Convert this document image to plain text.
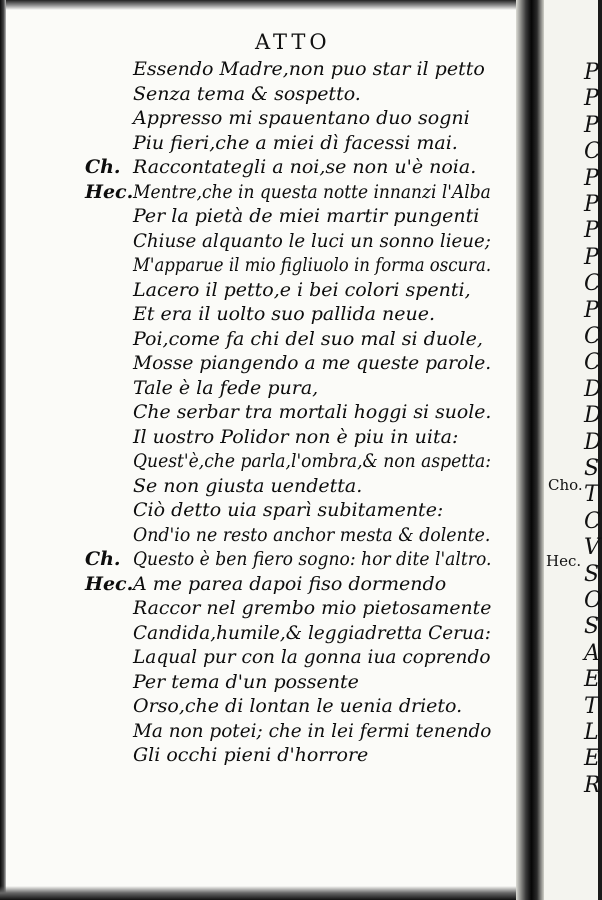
ATTO
Essendo Madre,non puo star il petto
Senza tema & sospetto.
Appresso mi spauentano duo sogni
Piu fieri,che a miei dì facessi mai.
Ch. Raccontategli a noi,se non u'è noia.
Hec. Mentre,che in questa notte innanzi l'Alba
Per la pietà de miei martir pungenti
Chiuse alquanto le luci un sonno lieue;
M'apparue il mio figliuolo in forma oscura.
Lacero il petto,e i bei colori spenti,
Et era il uolto suo pallida neue.
Poi,come fa chi del suo mal si duole,
Mosse piangendo a me queste parole.
Tale è la fede pura,
Che serbar tra mortali hoggi si suole.
Il uostro Polidor non è piu in uita:
Quest'è,che parla,l'ombra,& non aspetta:
Se non giusta uendetta.
Ciò detto uia sparì subitamente:
Ond'io ne resto anchor mesta & dolente.
Ch. Questo è ben fiero sogno: hor dite l'altro.
Hec. A me parea dapoi fiso dormendo
Raccor nel grembo mio pietosamente
Candida,humile,& leggiadretta Cerua:
Laqual pur con la gonna iua coprendo
Per tema d'un possente
Orso,che di lontan le uenia drieto.
Ma non potei; che in lei fermi tenendo
Gli occhi pieni d'horrore
P
P
P
C
P
P
P
P
C
P
C
C
D
D
D
S
T
C
V
S
O
S
A
E
T
L
E
R
Cho.
Hec.
